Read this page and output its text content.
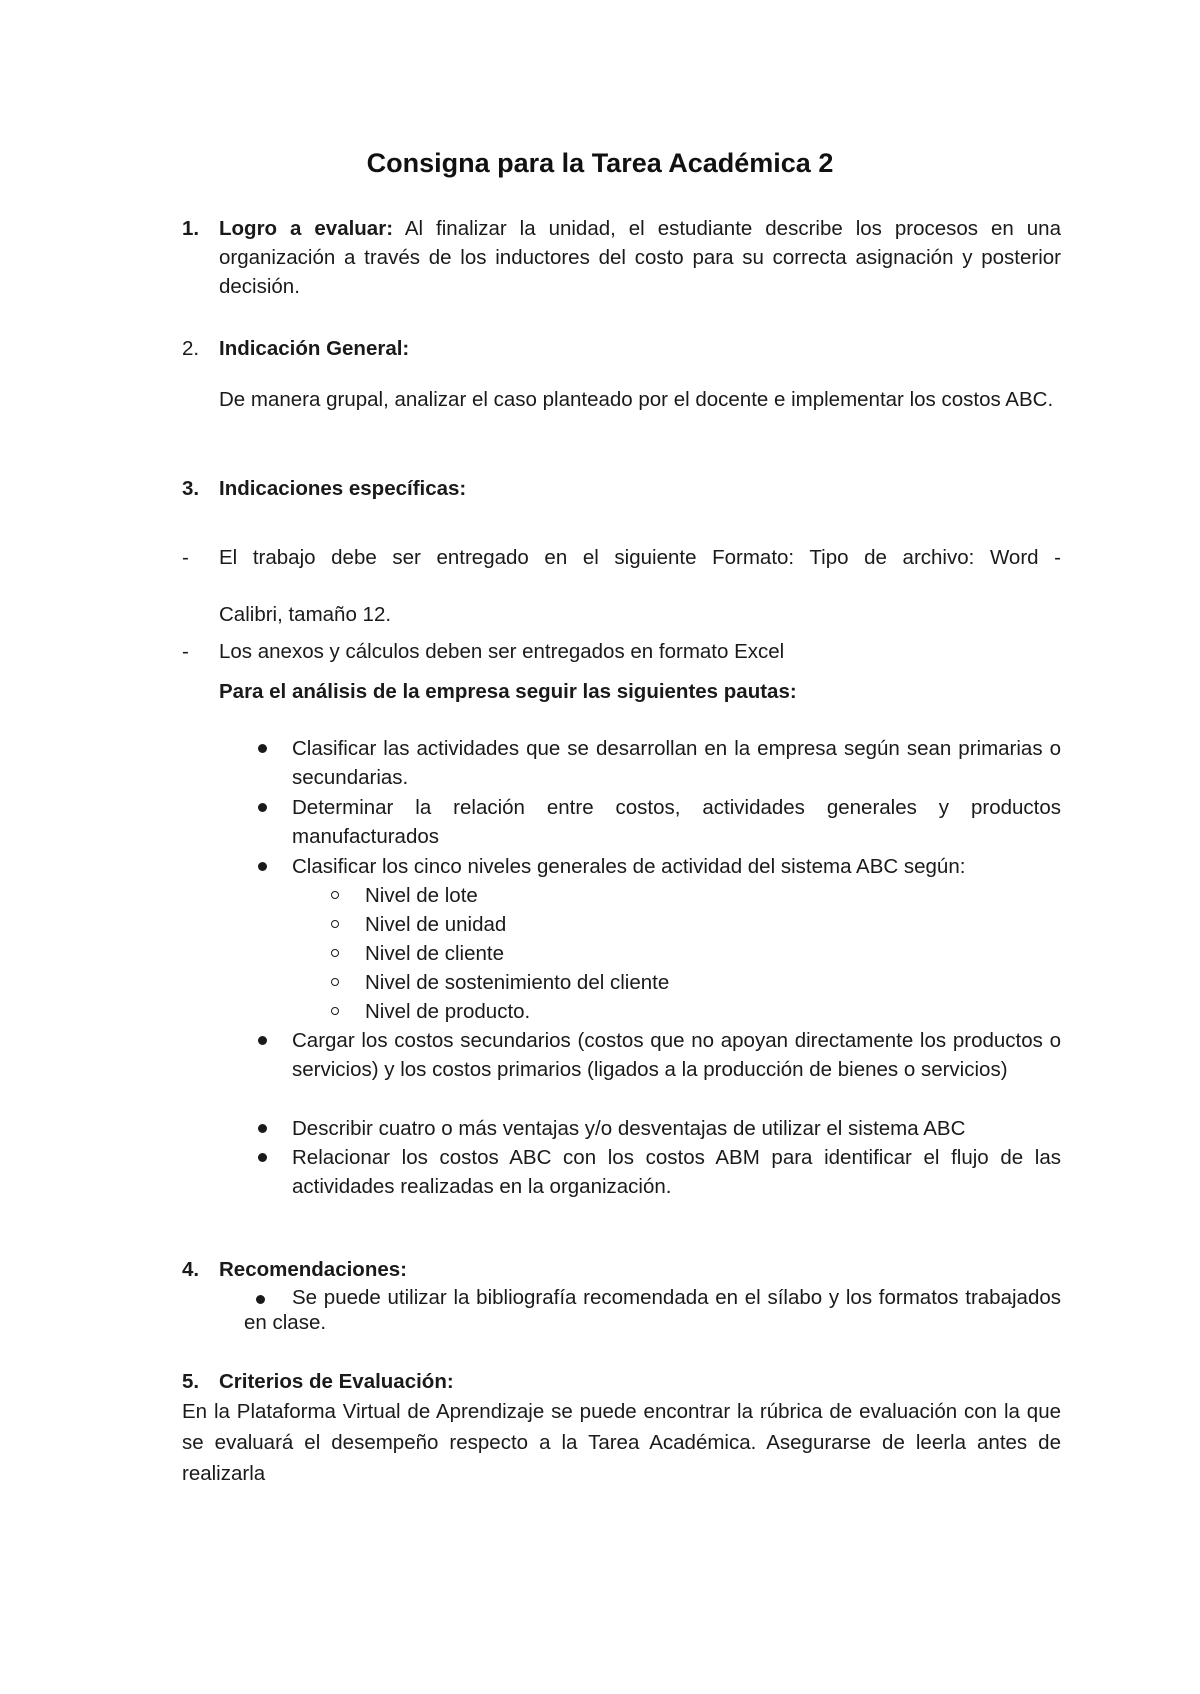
Consigna para la Tarea Académica 2
1. Logro a evaluar: Al finalizar la unidad, el estudiante describe los procesos en una organización a través de los inductores del costo para su correcta asignación y posterior decisión.
2. Indicación General:
De manera grupal, analizar el caso planteado por el docente e implementar los costos ABC.
3. Indicaciones específicas:
- El trabajo debe ser entregado en el siguiente Formato: Tipo de archivo: Word -
Calibri, tamaño 12.
- Los anexos y cálculos deben ser entregados en formato Excel
Para el análisis de la empresa seguir las siguientes pautas:
Clasificar las actividades que se desarrollan en la empresa según sean primarias o secundarias.
Determinar la relación entre costos, actividades generales y productos manufacturados
Clasificar los cinco niveles generales de actividad del sistema ABC según:
Nivel de lote
Nivel de unidad
Nivel de cliente
Nivel de sostenimiento del cliente
Nivel de producto.
Cargar los costos secundarios (costos que no apoyan directamente los productos o servicios) y los costos primarios (ligados a la producción de bienes o servicios)
Describir cuatro o más ventajas y/o desventajas de utilizar el sistema ABC
Relacionar los costos ABC con los costos ABM para identificar el flujo de las actividades realizadas en la organización.
4. Recomendaciones:
Se puede utilizar la bibliografía recomendada en el sílabo y los formatos trabajados en clase.
5. Criterios de Evaluación:
En la Plataforma Virtual de Aprendizaje se puede encontrar la rúbrica de evaluación con la que se evaluará el desempeño respecto a la Tarea Académica. Asegurarse de leerla antes de realizarla
